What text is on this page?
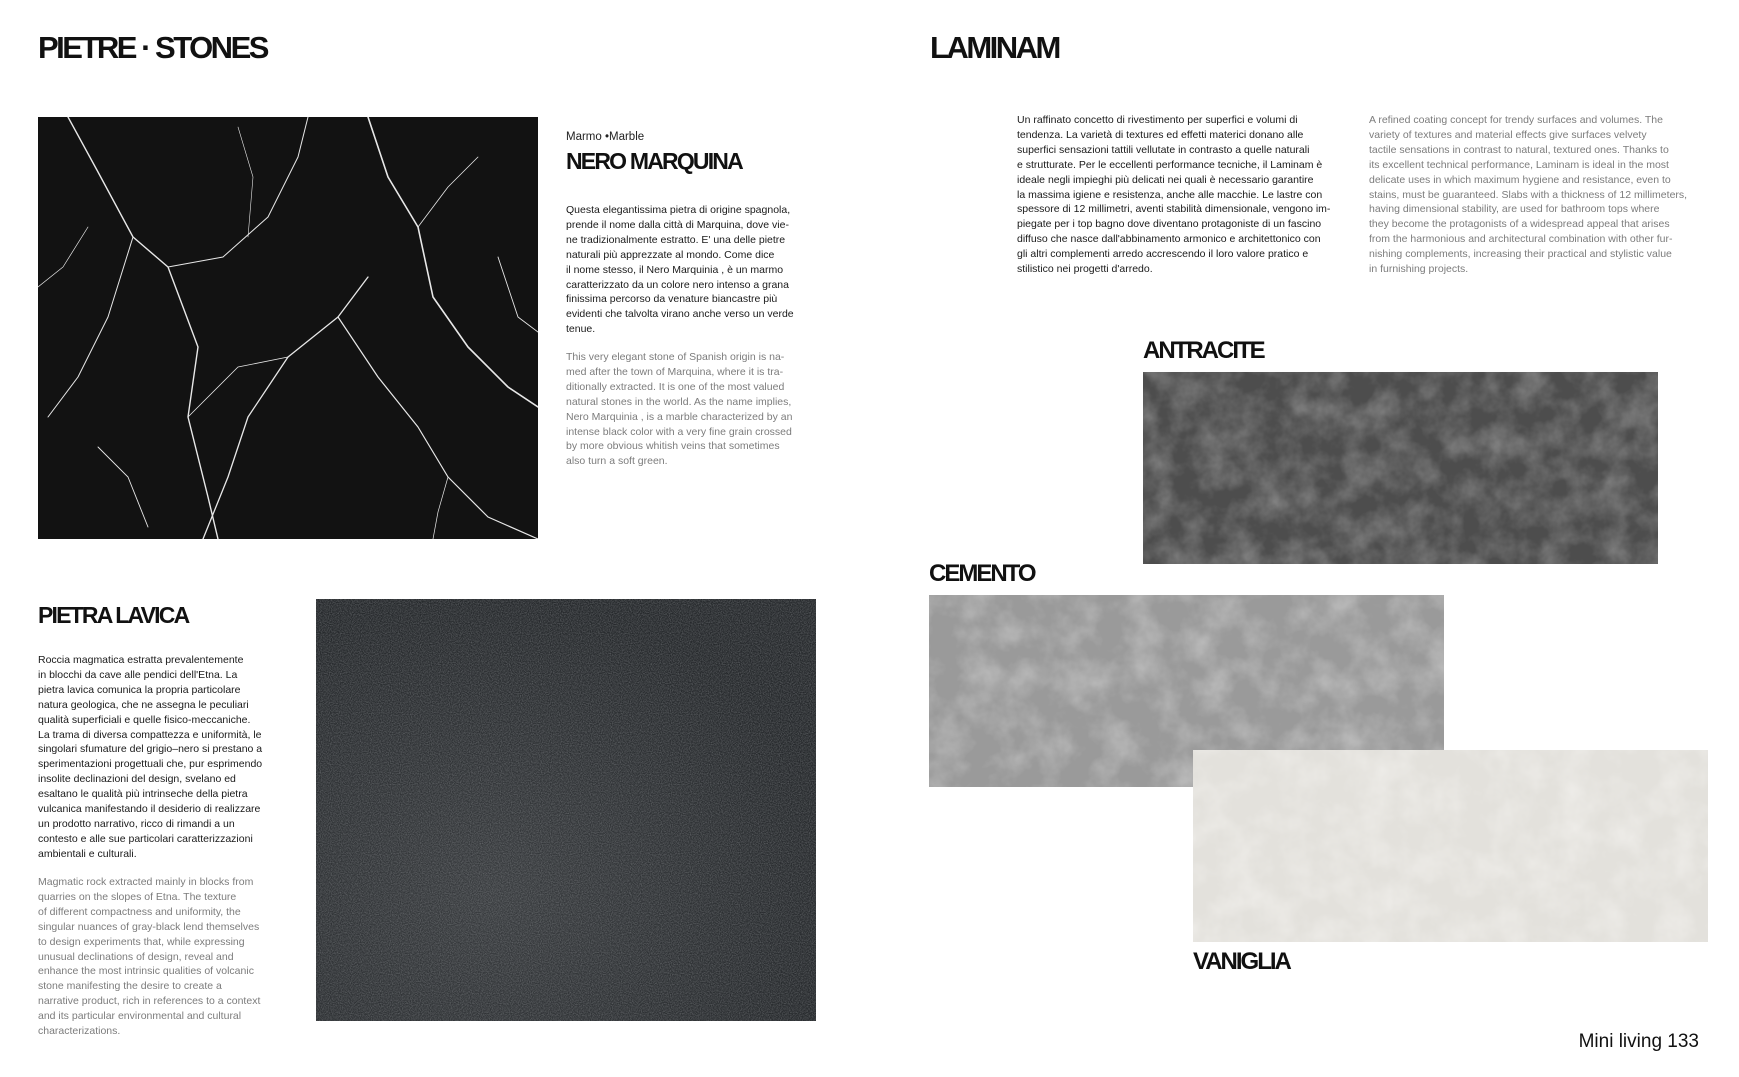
PIETRE · STONES

Marmo •Marble

NERO MARQUINA

Questa elegantissima pietra di origine spagnola,
prende il nome dalla città di Marquina, dove vie-
ne tradizionalmente estratto. E' una delle pietre
naturali più apprezzate al mondo. Come dice
il nome stesso, il Nero Marquinia , è un marmo
caratterizzato da un colore nero intenso a grana
finissima percorso da venature biancastre più
evidenti che talvolta virano anche verso un verde
tenue.

This very elegant stone of Spanish origin is na-
med after the town of Marquina, where it is tra-
ditionally extracted. It is one of the most valued
natural stones in the world. As the name implies,
Nero Marquinia , is a marble characterized by an
intense black color with a very fine grain crossed
by more obvious whitish veins that sometimes
also turn a soft green.

PIETRA LAVICA

Roccia magmatica estratta prevalentemente
in blocchi da cave alle pendici dell'Etna. La
pietra lavica comunica la propria particolare
natura geologica, che ne assegna le peculiari
qualità superficiali e quelle fisico-meccaniche.
La trama di diversa compattezza e uniformità, le
singolari sfumature del grigio–nero si prestano a
sperimentazioni progettuali che, pur esprimendo
insolite declinazioni del design, svelano ed
esaltano le qualità più intrinseche della pietra
vulcanica manifestando il desiderio di realizzare
un prodotto narrativo, ricco di rimandi a un
contesto e alle sue particolari caratterizzazioni
ambientali e culturali.

Magmatic rock extracted mainly in blocks from
quarries on the slopes of Etna. The texture
of different compactness and uniformity, the
singular nuances of gray-black lend themselves
to design experiments that, while expressing
unusual declinations of design, reveal and
enhance the most intrinsic qualities of volcanic
stone manifesting the desire to create a
narrative product, rich in references to a context
and its particular environmental and cultural
characterizations.

LAMINAM

Un raffinato concetto di rivestimento per superfici e volumi di
tendenza. La varietà di textures ed effetti materici donano alle
superfici sensazioni tattili vellutate in contrasto a quelle naturali
e strutturate. Per le eccellenti performance tecniche, il Laminam è
ideale negli impieghi più delicati nei quali è necessario garantire
la massima igiene e resistenza, anche alle macchie. Le lastre con
spessore di 12 millimetri, aventi stabilità dimensionale, vengono im-
piegate per i top bagno dove diventano protagoniste di un fascino
diffuso che nasce dall'abbinamento armonico e architettonico con
gli altri complementi arredo accrescendo il loro valore pratico e
stilistico nei progetti d'arredo.

A refined coating concept for trendy surfaces and volumes. The
variety of textures and material effects give surfaces velvety
tactile sensations in contrast to natural, textured ones. Thanks to
its excellent technical performance, Laminam is ideal in the most
delicate uses in which maximum hygiene and resistance, even to
stains, must be guaranteed. Slabs with a thickness of 12 millimeters,
having dimensional stability, are used for bathroom tops where
they become the protagonists of a widespread appeal that arises
from the harmonious and architectural combination with other fur-
nishing complements, increasing their practical and stylistic value
in furnishing projects.

ANTRACITE
CEMENTO
VANIGLIA

Mini living 133
